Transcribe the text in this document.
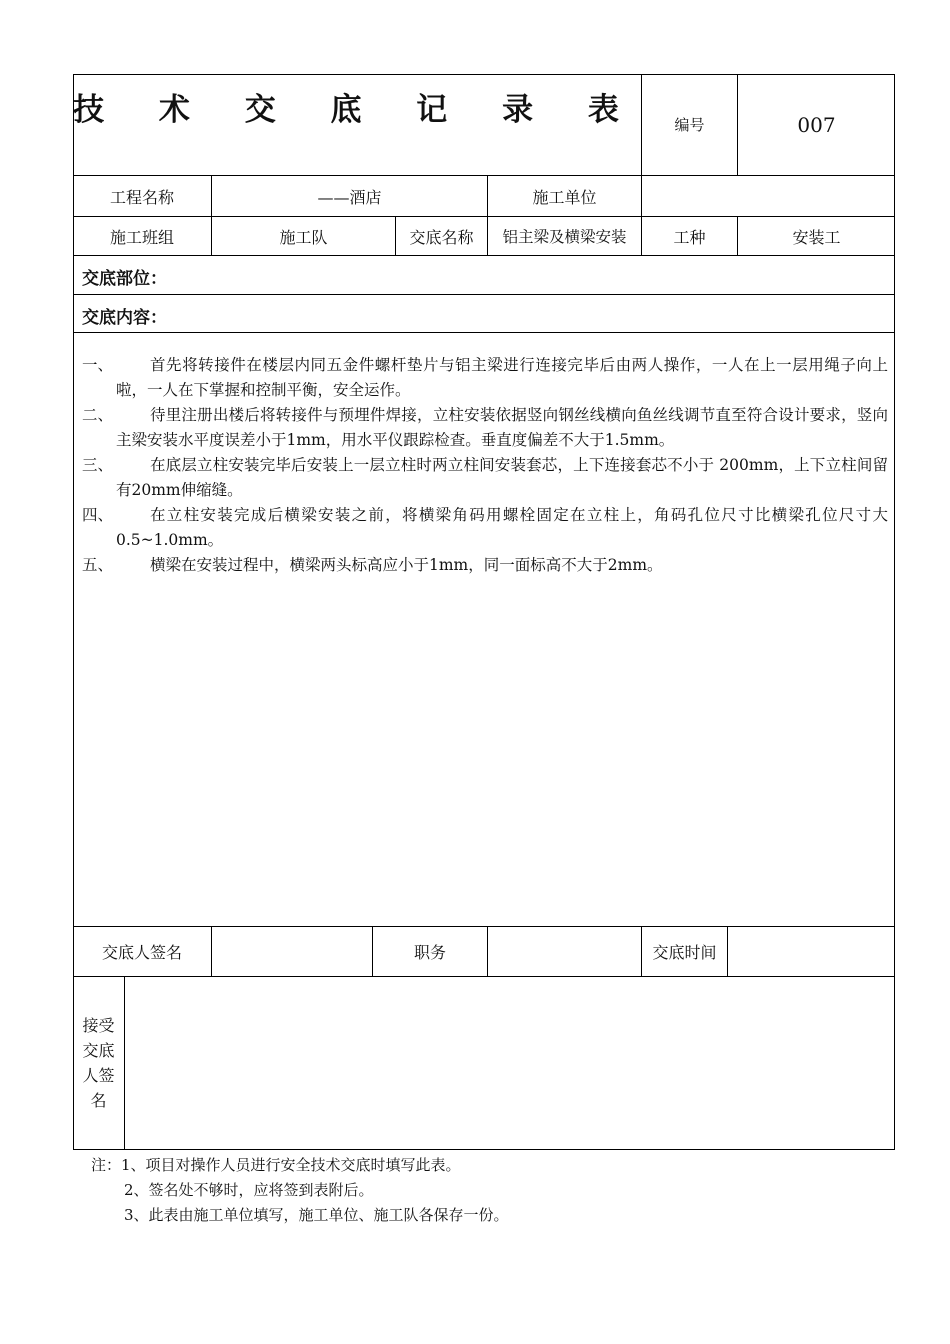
技 术 交 底 记 录 表	编号	007
工程名称	——酒店	施工单位
施工班组	施工队	交底名称	铝主梁及横梁安装	工种	安装工
交底部位：
交底内容：
一、	首先将转接件在楼层内同五金件螺杆垫片与铝主梁进行连接完毕后由两人操作，一人在上一层用绳子向上啦，一人在下掌握和控制平衡，安全运作。
二、	待里注册出楼后将转接件与预埋件焊接，立柱安装依据竖向钢丝线横向鱼丝线调节直至符合设计要求，竖向主梁安装水平度误差小于1mm，用水平仪跟踪检查。垂直度偏差不大于1.5mm。
三、	在底层立柱安装完毕后安装上一层立柱时两立柱间安装套芯，上下连接套芯不小于 200mm，上下立柱间留有20mm伸缩缝。
四、	在立柱安装完成后横梁安装之前，将横梁角码用螺栓固定在立柱上，角码孔位尺寸比横梁孔位尺寸大0.5~1.0mm。
五、	横梁在安装过程中，横梁两头标高应小于1mm，同一面标高不大于2mm。
交底人签名	职务	交底时间
接受交底人签名
注：1、项目对操作人员进行安全技术交底时填写此表。
2、签名处不够时，应将签到表附后。
3、此表由施工单位填写，施工单位、施工队各保存一份。
